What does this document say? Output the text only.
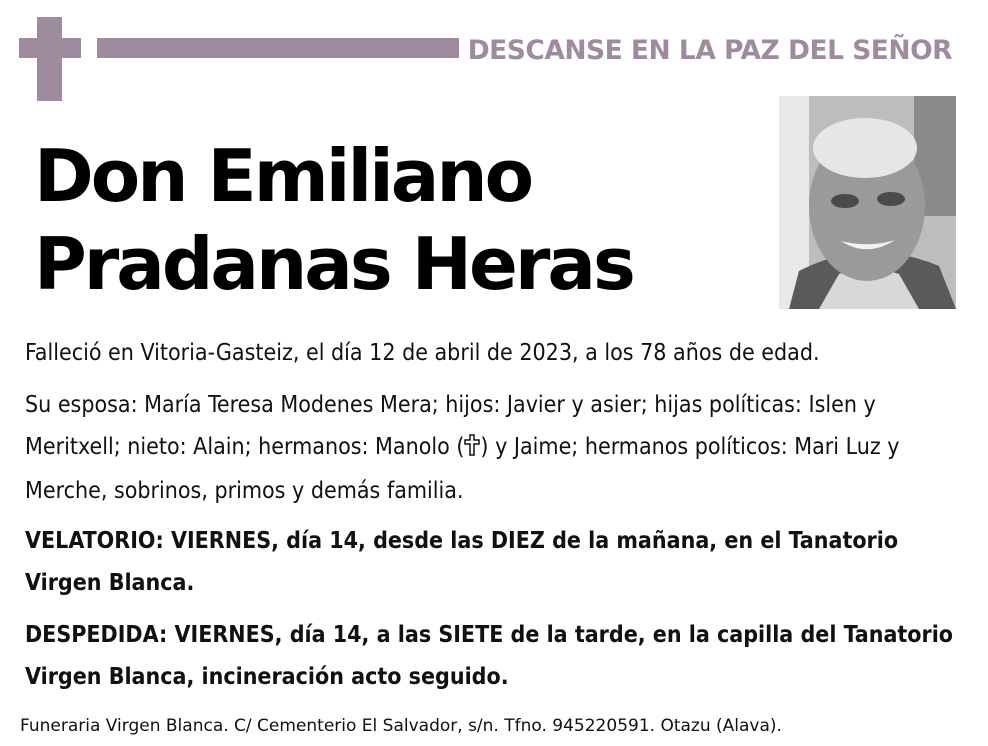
DESCANSE EN LA PAZ DEL SEÑOR
Don Emiliano
Pradanas Heras
Falleció en Vitoria-Gasteiz, el día 12 de abril de 2023, a los 78 años de edad.
Su esposa: María Teresa Modenes Mera; hijos: Javier y asier; hijas políticas: Islen y Meritxell; nieto: Alain; hermanos: Manolo ( ) y Jaime; hermanos políticos: Mari Luz y Merche, sobrinos, primos y demás familia.
VELATORIO: VIERNES, día 14, desde las DIEZ de la mañana, en el Tanatorio Virgen Blanca.
DESPEDIDA: VIERNES, día 14, a las SIETE de la tarde, en la capilla del Tanatorio Virgen Blanca, incineración acto seguido.
Funeraria Virgen Blanca. C/ Cementerio El Salvador, s/n. Tfno. 945220591. Otazu (Alava).
